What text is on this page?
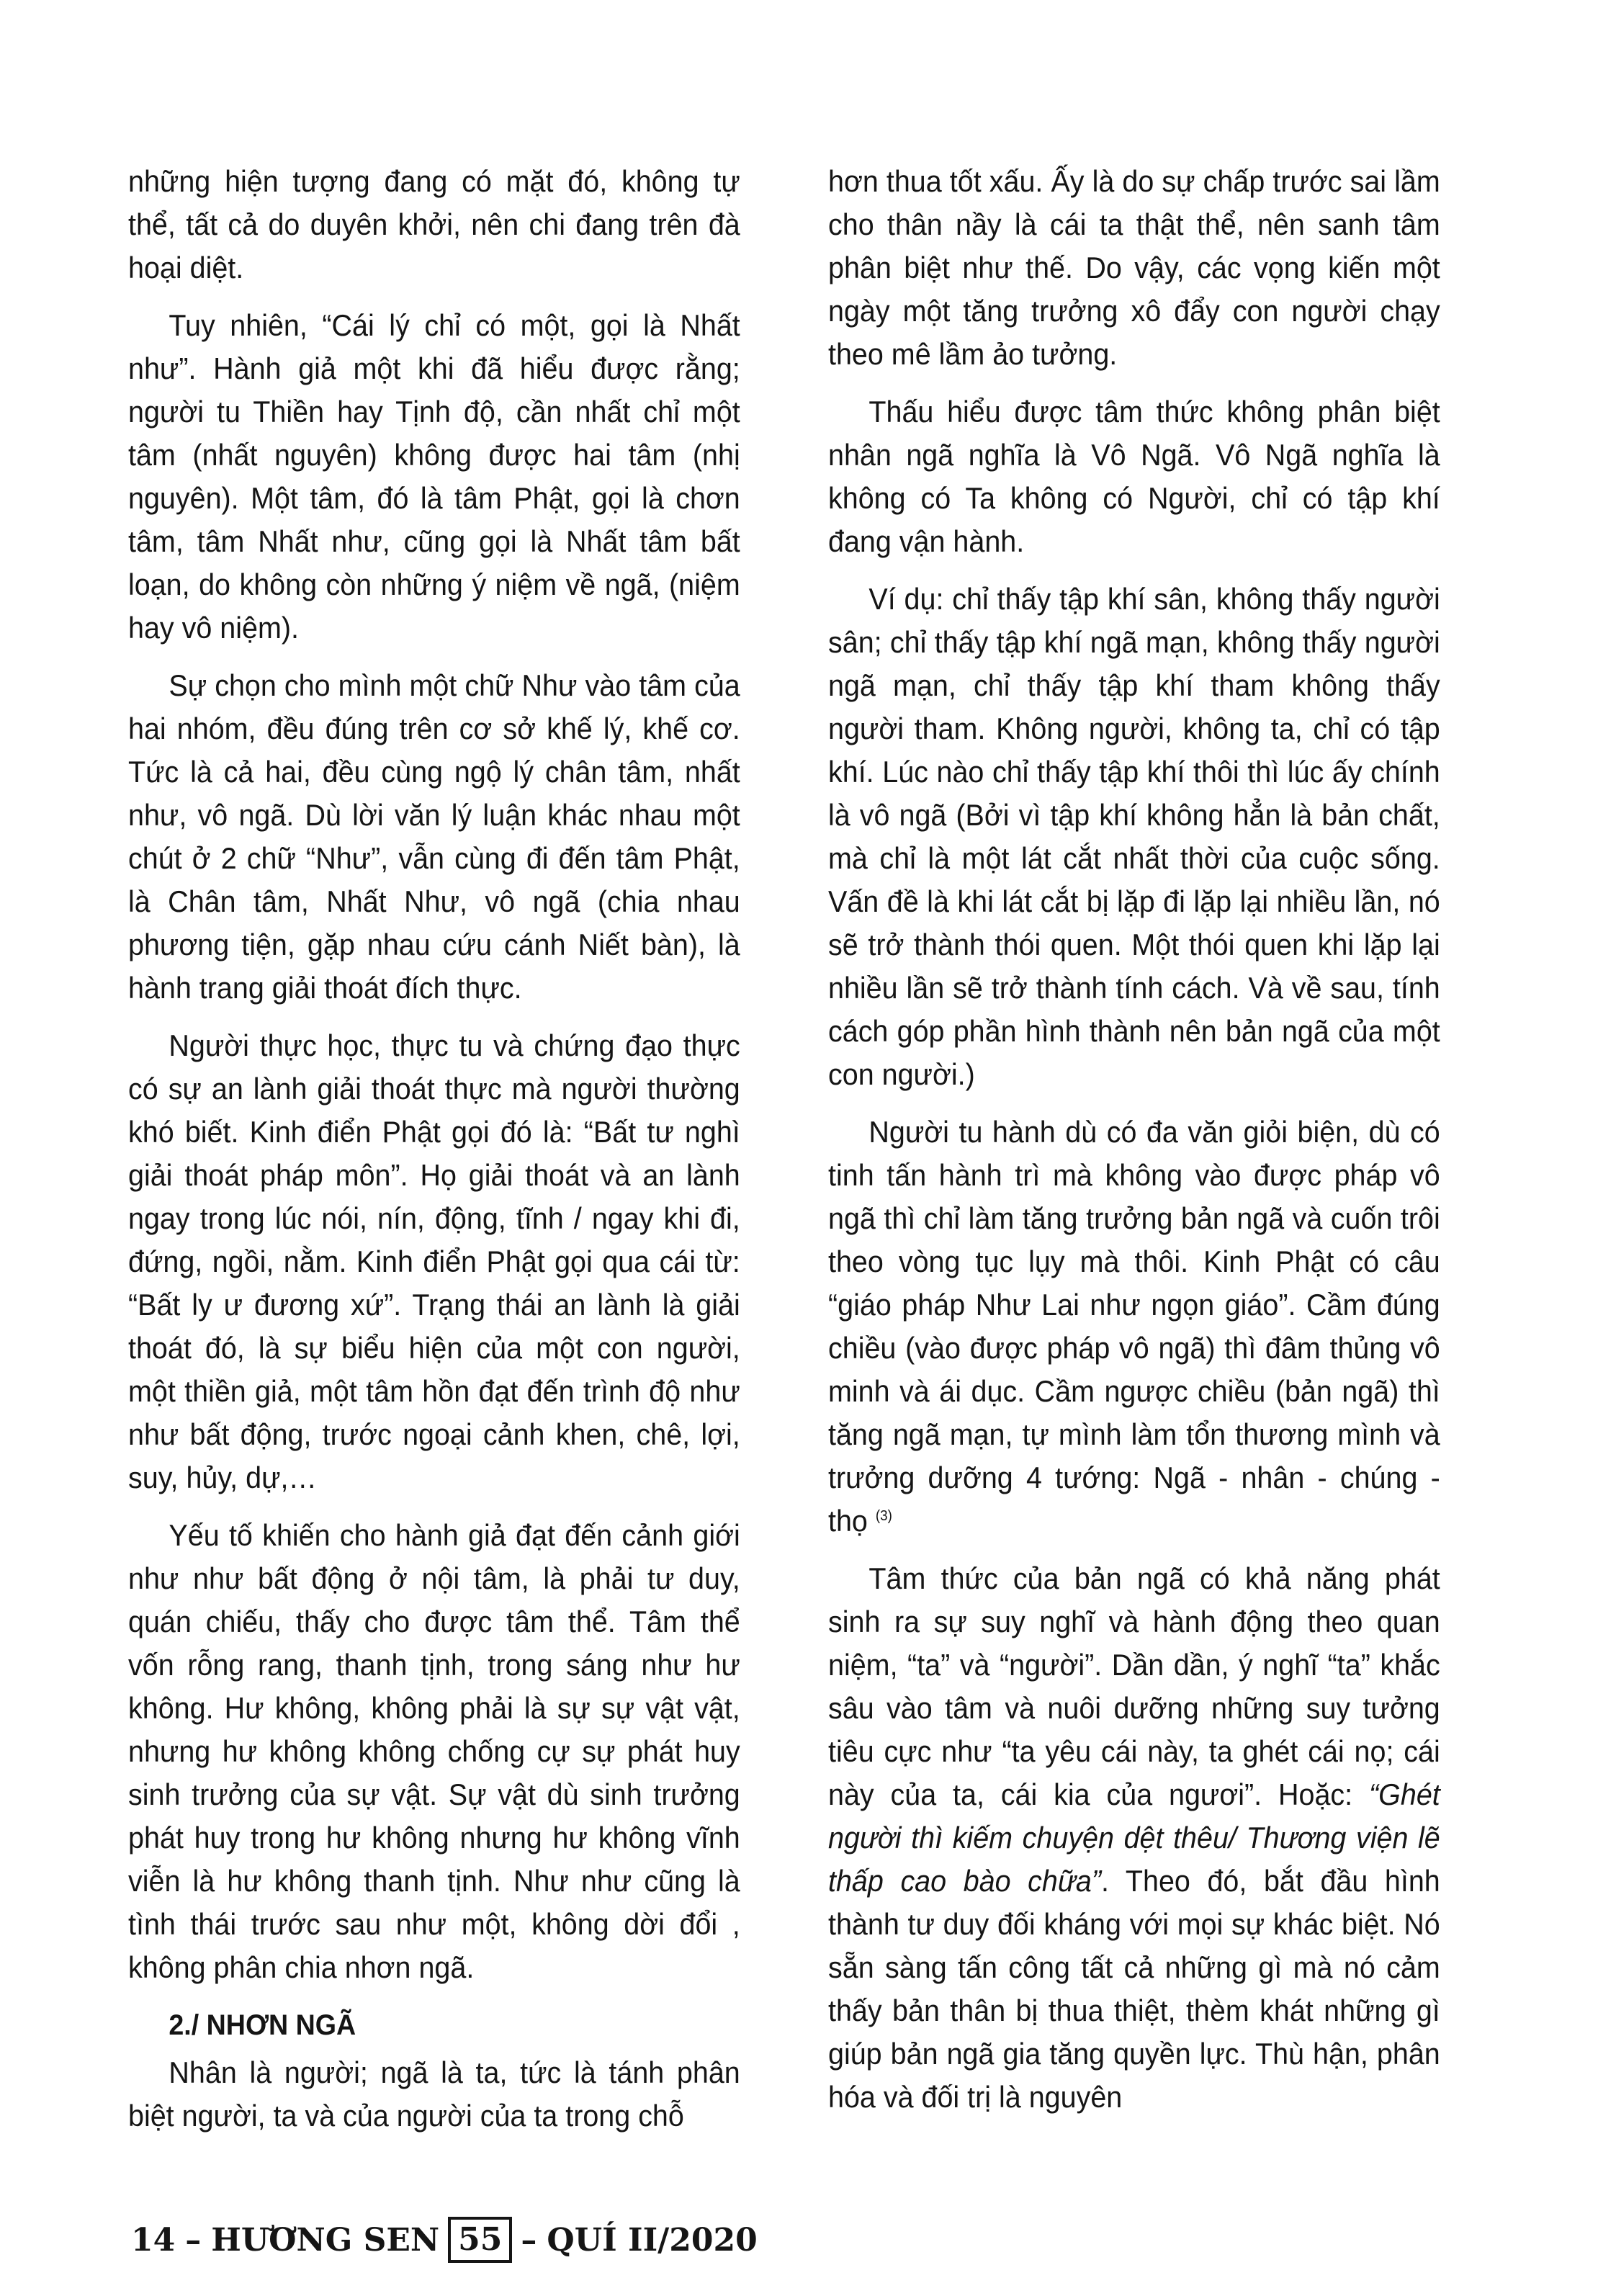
những hiện tượng đang có mặt đó, không tự thể, tất cả do duyên khởi, nên chi đang trên đà hoại diệt.

Tuy nhiên, “Cái lý chỉ có một, gọi là Nhất như”. Hành giả một khi đã hiểu được rằng; người tu Thiền hay Tịnh độ, cần nhất chỉ một tâm (nhất nguyên) không được hai tâm (nhị nguyên). Một tâm, đó là tâm Phật, gọi là chơn tâm, tâm Nhất như, cũng gọi là Nhất tâm bất loạn, do không còn những ý niệm về ngã, (niệm hay vô niệm).

Sự chọn cho mình một chữ Như vào tâm của hai nhóm, đều đúng trên cơ sở khế lý, khế cơ. Tức là cả hai, đều cùng ngộ lý chân tâm, nhất như, vô ngã. Dù lời văn lý luận khác nhau một chút ở 2 chữ “Như”, vẫn cùng đi đến tâm Phật, là Chân tâm, Nhất Như, vô ngã (chia nhau phương tiện, gặp nhau cứu cánh Niết bàn), là hành trang giải thoát đích thực.

Người thực học, thực tu và chứng đạo thực có sự an lành giải thoát thực mà người thường khó biết. Kinh điển Phật gọi đó là: “Bất tư nghì giải thoát pháp môn”. Họ giải thoát và an lành ngay trong lúc nói, nín, động, tĩnh / ngay khi đi, đứng, ngồi, nằm. Kinh điển Phật gọi qua cái từ: “Bất ly ư đương xứ”. Trạng thái an lành là giải thoát đó, là sự biểu hiện của một con người, một thiền giả, một tâm hồn đạt đến trình độ như như bất động, trước ngoại cảnh khen, chê, lợi, suy, hủy, dự,…

Yếu tố khiến cho hành giả đạt đến cảnh giới như như bất động ở nội tâm, là phải tư duy, quán chiếu, thấy cho được tâm thể. Tâm thể vốn rỗng rang, thanh tịnh, trong sáng như hư không. Hư không, không phải là sự sự vật vật, nhưng hư không không chống cự sự phát huy sinh trưởng của sự vật. Sự vật dù sinh trưởng phát huy trong hư không nhưng hư không vĩnh viễn là hư không thanh tịnh. Như như cũng là tình thái trước sau như một, không dời đổi , không phân chia nhơn ngã.

2./ NHƠN NGÃ

Nhân là người; ngã là ta, tức là tánh phân biệt người, ta và của người của ta trong chỗ

hơn thua tốt xấu. Ấy là do sự chấp trước sai lầm cho thân nầy là cái ta thật thể, nên sanh tâm phân biệt như thế. Do vậy, các vọng kiến một ngày một tăng trưởng xô đẩy con người chạy theo mê lầm ảo tưởng.

Thấu hiểu được tâm thức không phân biệt nhân ngã nghĩa là Vô Ngã. Vô Ngã nghĩa là không có Ta không có Người, chỉ có tập khí đang vận hành.

Ví dụ: chỉ thấy tập khí sân, không thấy người sân; chỉ thấy tập khí ngã mạn, không thấy người ngã mạn, chỉ thấy tập khí tham không thấy người tham. Không người, không ta, chỉ có tập khí. Lúc nào chỉ thấy tập khí thôi thì lúc ấy chính là vô ngã (Bởi vì tập khí không hẳn là bản chất, mà chỉ là một lát cắt nhất thời của cuộc sống. Vấn đề là khi lát cắt bị lặp đi lặp lại nhiều lần, nó sẽ trở thành thói quen. Một thói quen khi lặp lại nhiều lần sẽ trở thành tính cách. Và về sau, tính cách góp phần hình thành nên bản ngã của một con người.)

Người tu hành dù có đa văn giỏi biện, dù có tinh tấn hành trì mà không vào được pháp vô ngã thì chỉ làm tăng trưởng bản ngã và cuốn trôi theo vòng tục lụy mà thôi. Kinh Phật có câu “giáo pháp Như Lai như ngọn giáo”. Cầm đúng chiều (vào được pháp vô ngã) thì đâm thủng vô minh và ái dục. Cầm ngược chiều (bản ngã) thì tăng ngã mạn, tự mình làm tổn thương mình và trưởng dưỡng 4 tướng: Ngã - nhân - chúng - thọ $^{(3)}$

Tâm thức của bản ngã có khả năng phát sinh ra sự suy nghĩ và hành động theo quan niệm, “ta” và “người”. Dần dần, ý nghĩ “ta” khắc sâu vào tâm và nuôi dưỡng những suy tưởng tiêu cực như “ta yêu cái này, ta ghét cái nọ; cái này của ta, cái kia của ngươi”. Hoặc: “Ghét người thì kiếm chuyện dệt thêu/ Thương viện lẽ thấp cao bào chữa”. Theo đó, bắt đầu hình thành tư duy đối kháng với mọi sự khác biệt. Nó sẵn sàng tấn công tất cả những gì mà nó cảm thấy bản thân bị thua thiệt, thèm khát những gì giúp bản ngã gia tăng quyền lực. Thù hận, phân hóa và đối trị là nguyên

14 – HƯƠNG SEN 55 – QUÍ II/2020
